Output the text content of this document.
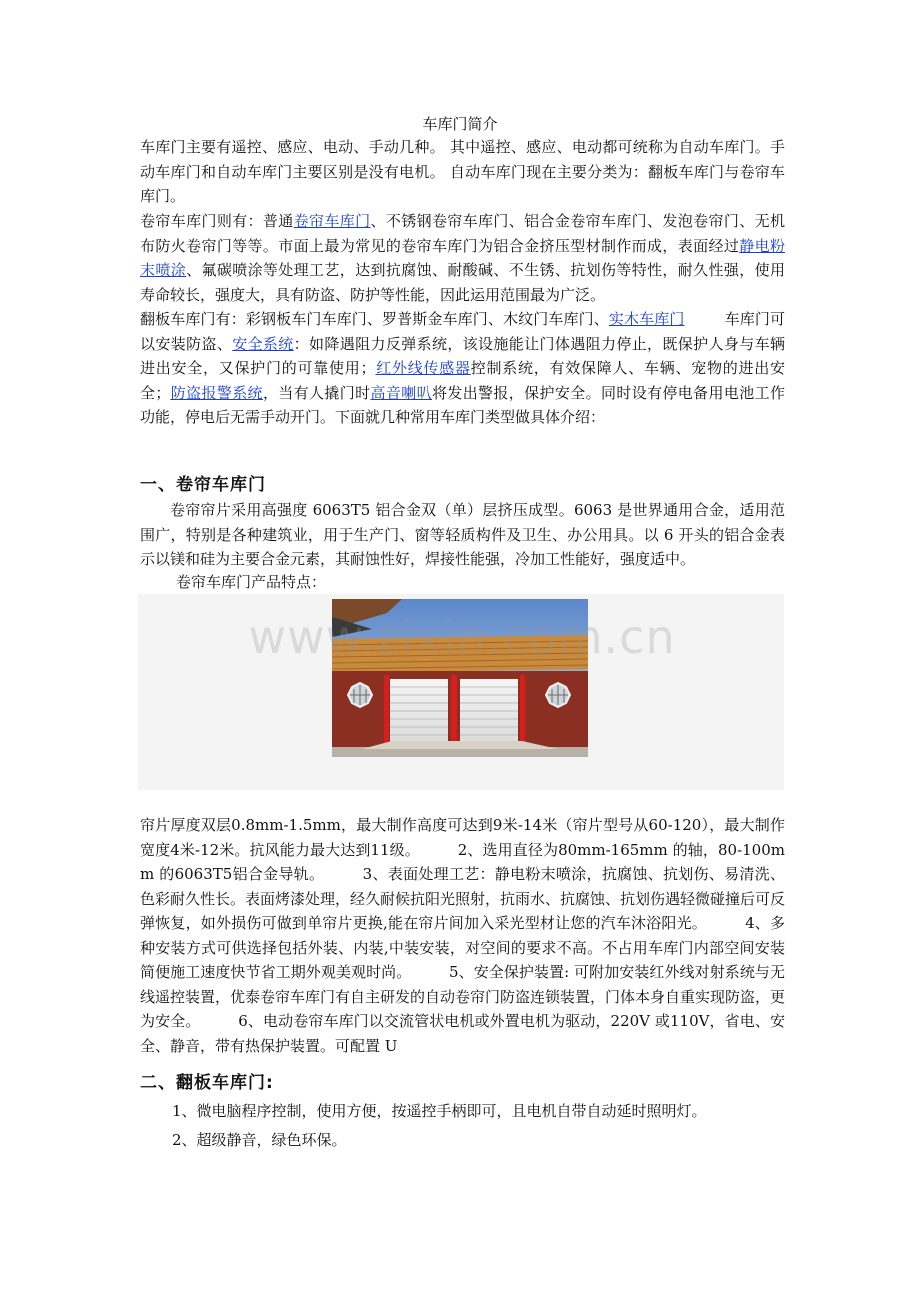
车库门简介
车库门主要有遥控、感应、电动、手动几种。 其中遥控、感应、电动都可统称为自动车库门。手动车库门和自动车库门主要区别是没有电机。 自动车库门现在主要分类为：翻板车库门与卷帘车库门。
卷帘车库门则有：普通卷帘车库门、不锈钢卷帘车库门、铝合金卷帘车库门、发泡卷帘门、无机布防火卷帘门等等。市面上最为常见的卷帘车库门为铝合金挤压型材制作而成，表面经过静电粉末喷涂、氟碳喷涂等处理工艺，达到抗腐蚀、耐酸碱、不生锈、抗划伤等特性，耐久性强，使用寿命较长，强度大，具有防盗、防护等性能，因此运用范围最为广泛。
翻板车库门有：彩钢板车门车库门、罗普斯金车库门、木纹门车库门、实木车库门	车库门可以安装防盗、安全系统：如降遇阻力反弹系统，该设施能让门体遇阻力停止，既保护人身与车辆进出安全，又保护门的可靠使用；红外线传感器控制系统，有效保障人、车辆、宠物的进出安全；防盗报警系统，当有人撬门时高音喇叭将发出警报，保护安全。同时设有停电备用电池工作功能，停电后无需手动开门。下面就几种常用车库门类型做具体介绍：
一、卷帘车库门
卷帘帘片采用高强度 6063T5 铝合金双（单）层挤压成型。6063 是世界通用合金，适用范围广，特别是各种建筑业，用于生产门、窗等轻质构件及卫生、办公用具。以 6 开头的铝合金表示以镁和硅为主要合金元素，其耐蚀性好，焊接性能强，冷加工性能好，强度适中。
卷帘车库门产品特点：
www.zixin.com.cn
帘片厚度双层0.8mm-1.5mm，最大制作高度可达到9米-14米（帘片型号从60-120），最大制作宽度4米-12米。抗风能力最大达到11级。　　　2、选用直径为80mm-165mm 的轴，80-100mm 的6063T5铝合金导轨。　　　3、表面处理工艺：静电粉末喷涂，抗腐蚀、抗划伤、易清洗、色彩耐久性长。表面烤漆处理，经久耐候抗阳光照射，抗雨水、抗腐蚀、抗划伤遇轻微碰撞后可反弹恢复，如外损伤可做到单帘片更换,能在帘片间加入采光型材让您的汽车沐浴阳光。　　　4、多种安装方式可供选择包括外装、内装,中装安装，对空间的要求不高。不占用车库门内部空间安装简便施工速度快节省工期外观美观时尚。　　　5、安全保护装置: 可附加安装红外线对射系统与无线遥控装置，优泰卷帘车库门有自主研发的自动卷帘门防盗连锁装置，门体本身自重实现防盗，更为安全。　　　6、电动卷帘车库门以交流管状电机或外置电机为驱动，220V 或110V，省电、安全、静音，带有热保护装置。可配置 U
二、翻板车库门:
1、微电脑程序控制，使用方便，按遥控手柄即可，且电机自带自动延时照明灯。
2、超级静音，绿色环保。
